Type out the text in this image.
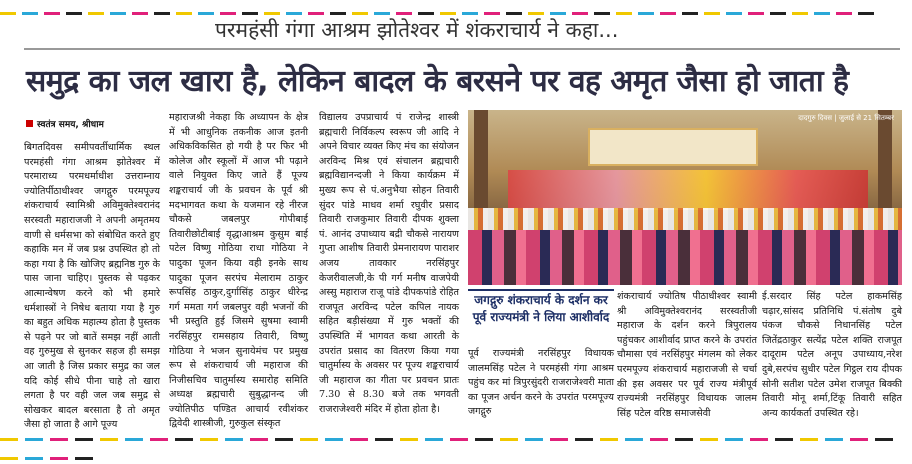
परमहंसी गंगा आश्रम झोतेश्वर में शंकराचार्य ने कहा...
समुद्र का जल खारा है, लेकिन बादल के बरसने पर वह अमृत जैसा हो जाता है
स्वतंत्र समय, श्रीधाम

बिगतदिवस समीपवर्तीधार्मिक स्थल परमहंसी गंगा आश्रम झोतेश्वर में परमाराध्य परमधर्माधीश उत्तराम्नाय ज्योतिर्पीठाधीश्वर जगद्गुरु परमपूज्य शंकराचार्य स्वामिश्री अविमुक्तेश्वरानंद सरस्वती महाराजजी ने अपनी अमृतमय वाणी से धर्मसभा को संबोधित करते हुए कहाकि मन में जब प्रश्न उपस्थित हो तो कहा गया है कि खोजिए ब्रह्मनिष्ठ गुरु के पास जाना चाहिए। पुस्तक से पढ़कर आत्मान्वेषण करने को भी हमारे धर्मशास्त्रों ने निषेध बताया गया है गुरु का बहुत अधिक महात्म्य होता है पुस्तक से पढ़ने पर जो बातें समझ नहीं आती वह गुरुमुख से सुनकर सहज ही समझ आ जाती है जिस प्रकार समुद्र का जल यदि कोई सीधे पीना चाहे तो खारा लगता है पर वही जल जब समुद्र से सोखकर बादल बरसाता है तो अमृत जैसा हो जाता है आगे पूज्य

महाराजश्री नेकहा कि अध्यापन के क्षेत्र में भी आधुनिक तकनीक आज इतनी अधिकविकसित हो गयी है पर फिर भी कोलेज और स्कूलों में आज भी पढ़ाने वाले नियुक्त किए जाते हैं पूज्य शङ्कराचार्य जी के प्रवचन के पूर्व श्री मदभागवत कथा के यजमान रहे नीरज चौकसे जबलपुर गोपीबाई तिवारीछोटीबाई वृद्धाआश्रम कुसुम बाई पटेल विष्णु गोठिया राधा गोठिया ने पादुका पूजन किया वही इनके साथ पादुका पूजन सरपंच मेलाराम ठाकुर रूपसिंह ठाकुर,दुर्गासिंह ठाकुर धीरेन्द्र गर्ग ममता गर्ग जबलपुर वही भजनों की भी प्रस्तुति हुई जिसमे सुषमा स्वामी नरसिंहपुर रामसहाय तिवारी, विष्णु गोठिया ने भजन सुनायेमंच पर प्रमुख रूप से शंकराचार्य जी महाराज की निजीसचिव चातुर्मास्य समारोह समिति अध्यक्ष ब्रह्मचारी सुबुद्धानन्द जी ज्योतिपीठ पण्डित आचार्य रवीशंकर द्विवेदी शास्त्रीजी, गुरुकुल संस्कृत

विद्यालय उपप्राचार्य पं राजेन्द्र शास्त्री ब्रह्मचारी निर्विकल्प स्वरूप जी आदि ने अपने विचार व्यक्त किए मंच का संयोजन अरविन्द मिश्र एवं संचालन ब्रह्मचारी ब्रह्मविद्यानन्दजी ने किया कार्यक्रम में मुख्य रूप से पं.अनुभैया सोहन तिवारी सुंदर पांडे माधव शर्मा रघुवीर प्रसाद तिवारी राजकुमार तिवारी दीपक शुक्ला पं. आनंद उपाध्याय बद्री चौकसे नारायण गुप्ता आशीष तिवारी प्रेमनारायण पाराशर अजय तावकार नरसिंहपुर केजरीवालजी,के पी गर्ग मनीष वाजपेयी अस्सु महाराज राजू पांडे दीपकपांडे रोहित राजपूत अरविन्द पटेल कपिल नायक सहित बड़ीसंख्या में गुरु भक्तों की उपस्थिति में भागवत कथा आरती के उपरांत प्रसाद का वितरण किया गया चातुर्मास्य के अवसर पर पूज्य शङ्कराचार्य जी महाराज का गीता पर प्रवचन प्रातः 7.30 से 8.30 बजे तक भगवती राजराजेश्वरी मंदिर में होता होता है।

दादगुरु दिवस | जुलाई से 21 सितम्बर
जगद्गुरु शंकराचार्य के दर्शन कर पूर्व राज्यमंत्री ने लिया आशीर्वाद

पूर्व राज्यमंत्री नरसिंहपुर विधायक जालमसिंह पटेल ने परमहंसी गंगा आश्रम पहुंच कर मां त्रिपुरसुंदरी राजराजेश्वरी माता का पूजन अर्चन करने के उपरांत परमपूज्य जगद्गुरु

शंकराचार्य ज्योतिष पीठाधीश्वर स्वामी श्री अविमुक्तेश्वरानंद सरस्वतीजी महाराज के दर्शन करने त्रिपुरालय पहुंचकर आशीर्वाद प्राप्त करने के उपरांत चौमासा एवं नरसिंहपुर मंगलम को लेकर परमपूज्य शंकराचार्य महाराजजी से चर्चा की इस अवसर पर पूर्व राज्य मंत्रीपूर्व राज्यमंत्री नरसिंहपुर विधायक जालम सिंह पटेल वरिष्ठ समाजसेवी

ई.सरदार सिंह पटेल हाकमसिंह चढ़ार,सांसद प्रतिनिधि पं.संतोष दुबे पंकज चौकसे निधानसिंह पटेल जितेंद्रठाकुर सत्येंद्र पटेल शक्ति राजपूत दादूराम पटेल अनूप उपाध्याय,नरेश दुबे,सरपंच सुधीर पटेल गिट्ठल राय दीपक सोनी सतीश पटेल उमेश राजपूत बिक्की तिवारी मोनू शर्मा,टिंकू तिवारी सहित अन्य कार्यकर्ता उपस्थित रहे।
